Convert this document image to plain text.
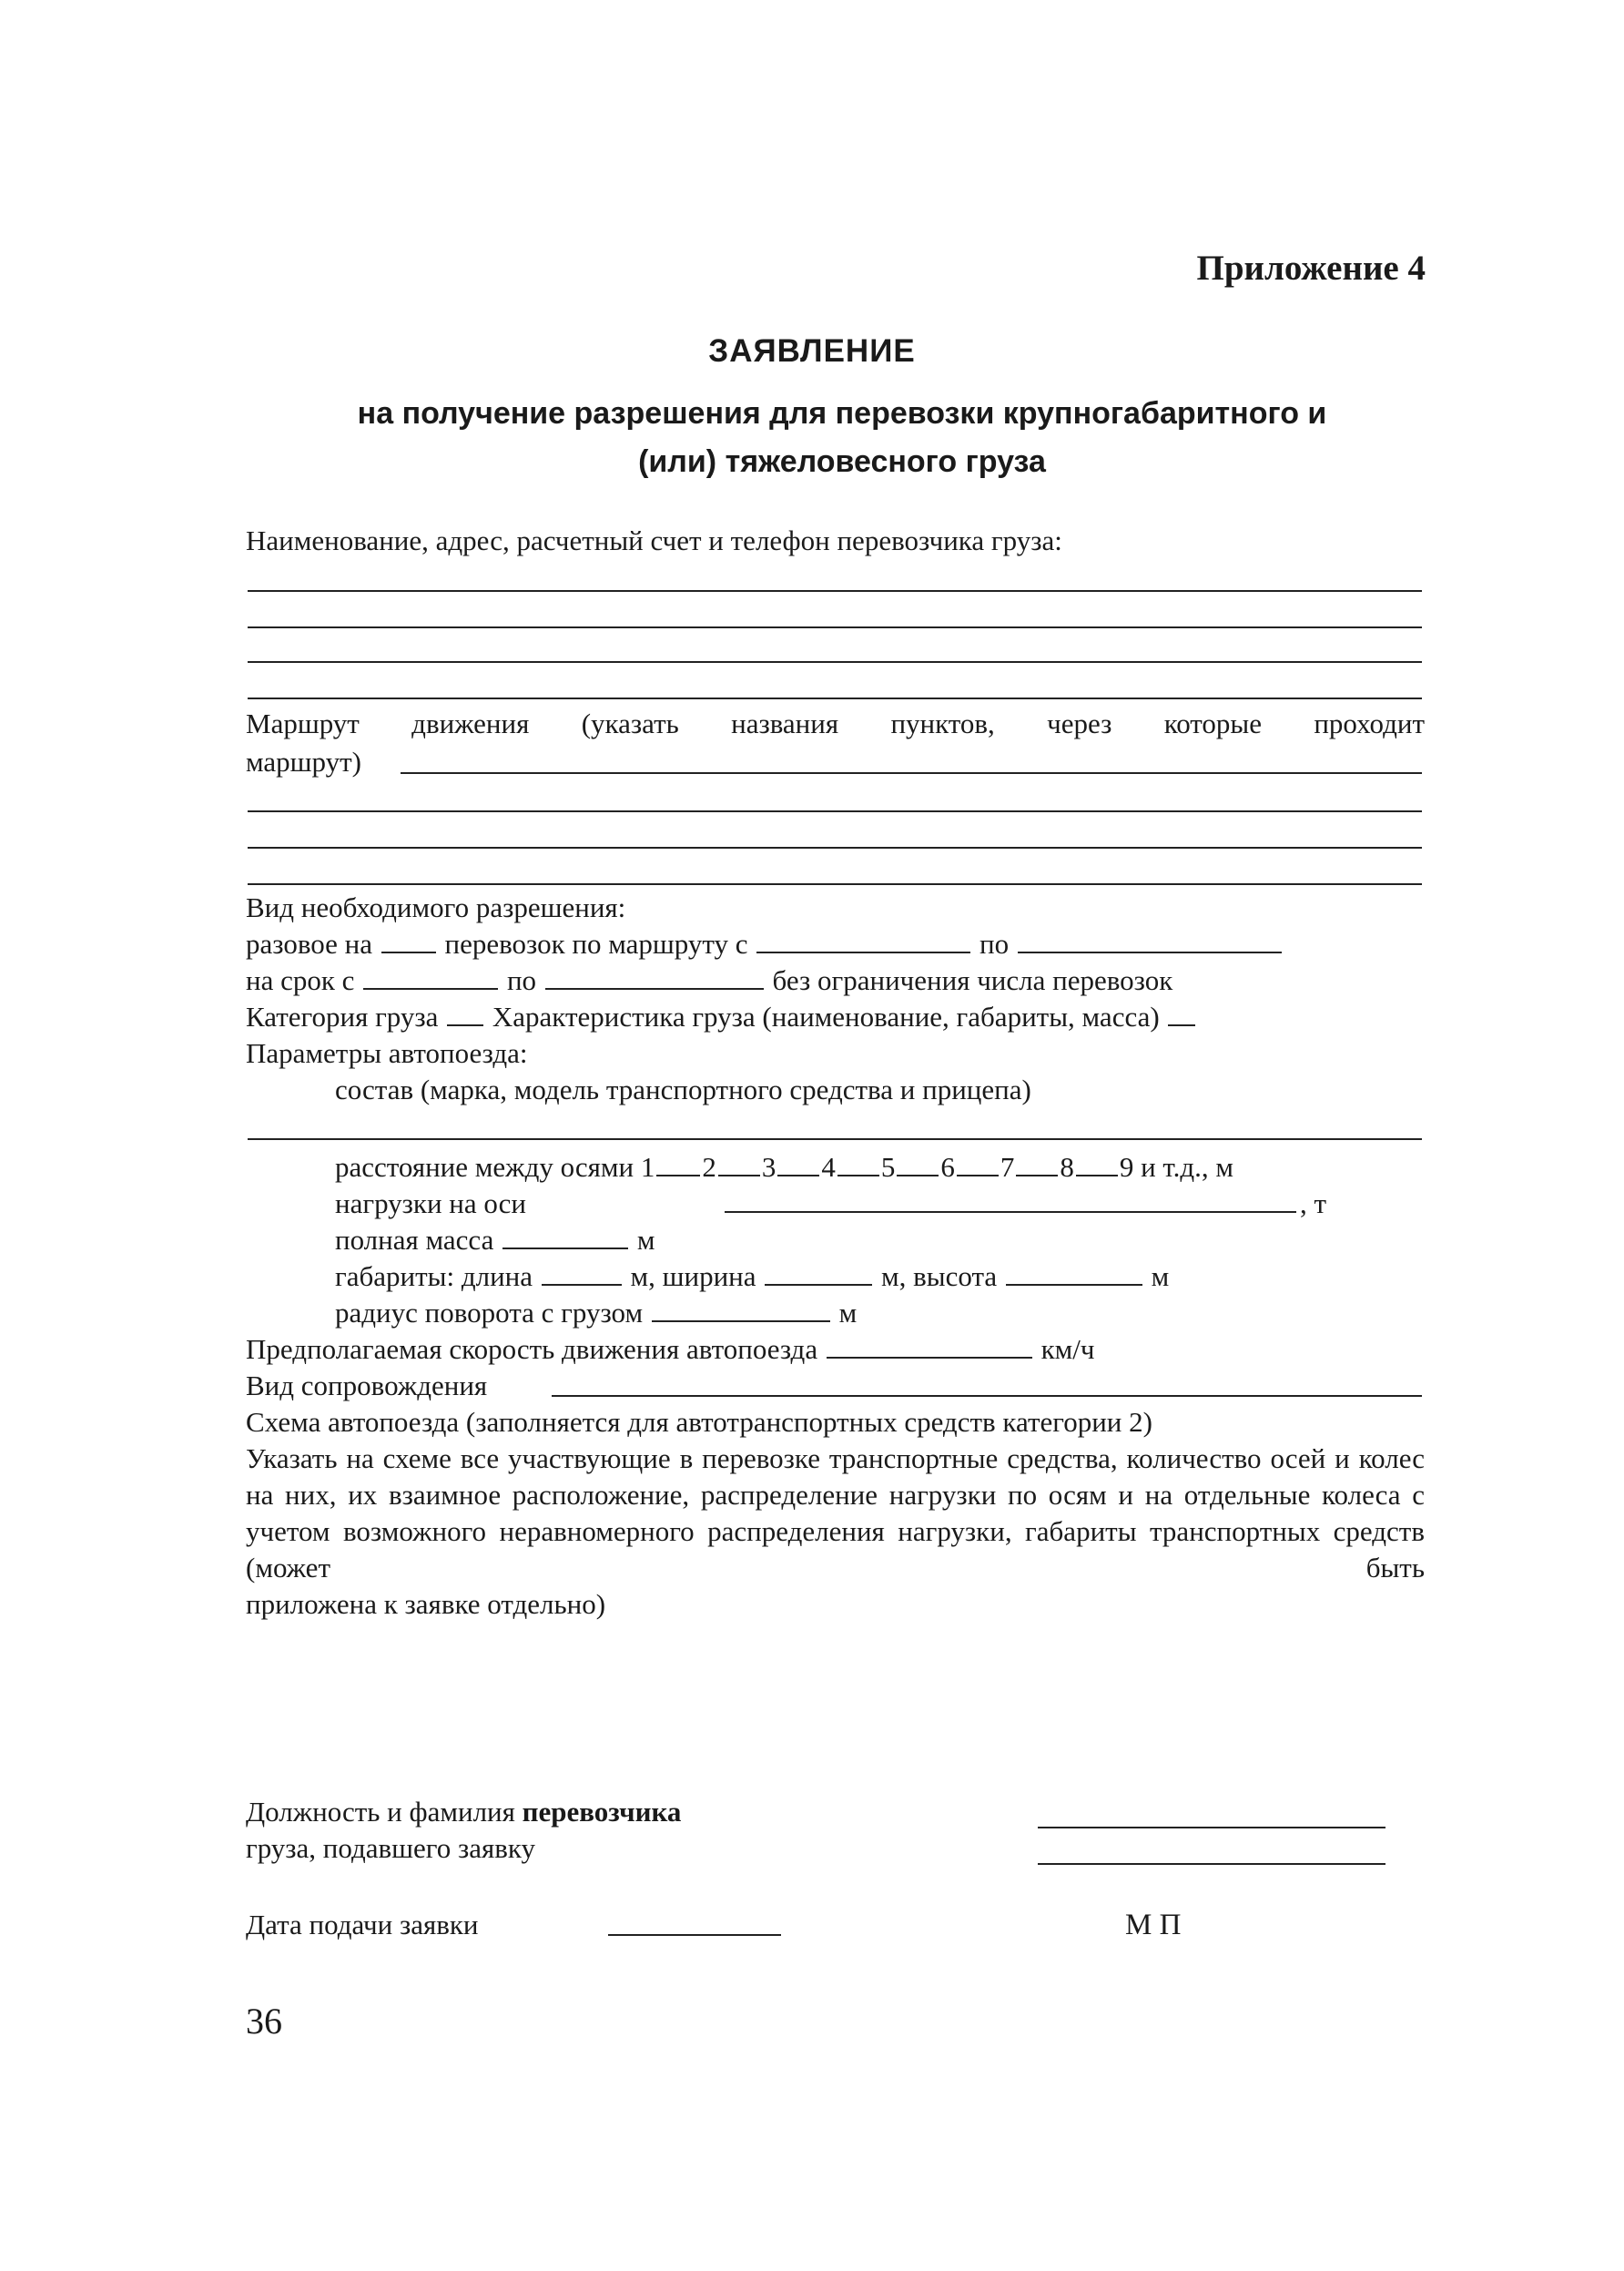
Приложение 4
ЗАЯВЛЕНИЕ
на получение разрешения для перевозки крупногабаритного и
(или) тяжеловесного груза
Наименование, адрес, расчетный счет и телефон перевозчика груза:
Маршрут движения (указать названия пунктов, через которые проходит
маршрут)
Вид необходимого разрешения:
разовое на	перевозок по маршруту с	по
на срок с	по	без ограничения числа перевозок
Категория груза Характеристика груза (наименование, габариты, масса)
Параметры автопоезда:
состав (марка, модель транспортного средства и прицепа)
расстояние между осями 1 2 3 4 5 6 7 8 9 и т.д., м
нагрузки на оси	, т
полная масса	м
габариты: длина	м, ширина	м, высота	м
радиус поворота с грузом	м
Предполагаемая скорость движения автопоезда	км/ч
Вид сопровождения
Схема автопоезда (заполняется для автотранспортных средств категории 2)
Указать на схеме все участвующие в перевозке транспортные средства, количество осей и колес на них, их взаимное расположение, распределение нагрузки по осям и на отдельные колеса с учетом возможного неравномерного распределения нагрузки, габариты транспортных средств (может быть
приложена к заявке отдельно)
Должность и фамилия перевозчика
груза, подавшего заявку
Дата подачи заявки	М П
36
